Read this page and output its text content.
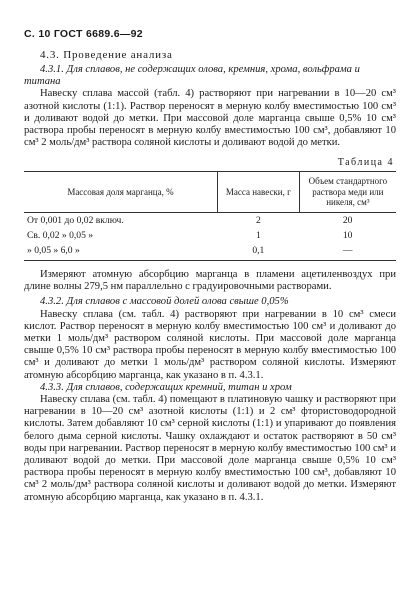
С. 10 ГОСТ 6689.6—92
4.3. Проведение анализа

4.3.1. Для сплавов, не содержащих олова, кремния, хрома, вольфрама и титана

Навеску сплава массой (табл. 4) растворяют при нагревании в 10—20 см³ азотной кислоты (1:1). Раствор переносят в мерную колбу вместимостью 100 см³ и доливают водой до метки. При массовой доле марганца свыше 0,5% 10 см³ раствора пробы переносят в мерную колбу вместимостью 100 см³, добавляют 10 см³ 2 моль/дм³ раствора соляной кислоты и доливают водой до метки.

Таблица 4
Массовая доля марганца, %	Масса навески, г	Объем стандартного раствора меди или никеля, см³
От 0,001 до 0,02 включ.	2	20
Св. 0,02 » 0,05 »	1	10
» 0,05 » 6,0 »	0,1	—

Измеряют атомную абсорбцию марганца в пламени ацетиленвоздух при длине волны 279,5 нм параллельно с градуировочными растворами.

4.3.2. Для сплавов с массовой долей олова свыше 0,05%

Навеску сплава (см. табл. 4) растворяют при нагревании в 10 см³ смеси кислот. Раствор переносят в мерную колбу вместимостью 100 см³ и доливают до метки 1 моль/дм³ раствором соляной кислоты. При массовой доле марганца свыше 0,5% 10 см³ раствора пробы переносят в мерную колбу вместимостью 100 см³ и доливают до метки 1 моль/дм³ раствором соляной кислоты. Измеряют атомную абсорбцию марганца, как указано в п. 4.3.1.

4.3.3. Для сплавов, содержащих кремний, титан и хром

Навеску сплава (см. табл. 4) помещают в платиновую чашку и растворяют при нагревании в 10—20 см³ азотной кислоты (1:1) и 2 см³ фтористоводородной кислоты. Затем добавляют 10 см³ серной кислоты (1:1) и упаривают до появления белого дыма серной кислоты. Чашку охлаждают и остаток растворяют в 50 см³ воды при нагревании. Раствор переносят в мерную колбу вместимостью 100 см³ и доливают водой до метки. При массовой доле марганца свыше 0,5% 10 см³ раствора пробы переносят в мерную колбу вместимостью 100 см³, добавляют 10 см³ 2 моль/дм³ раствора соляной кислоты и доливают водой до метки. Измеряют атомную абсорбцию марганца, как указано в п. 4.3.1.
